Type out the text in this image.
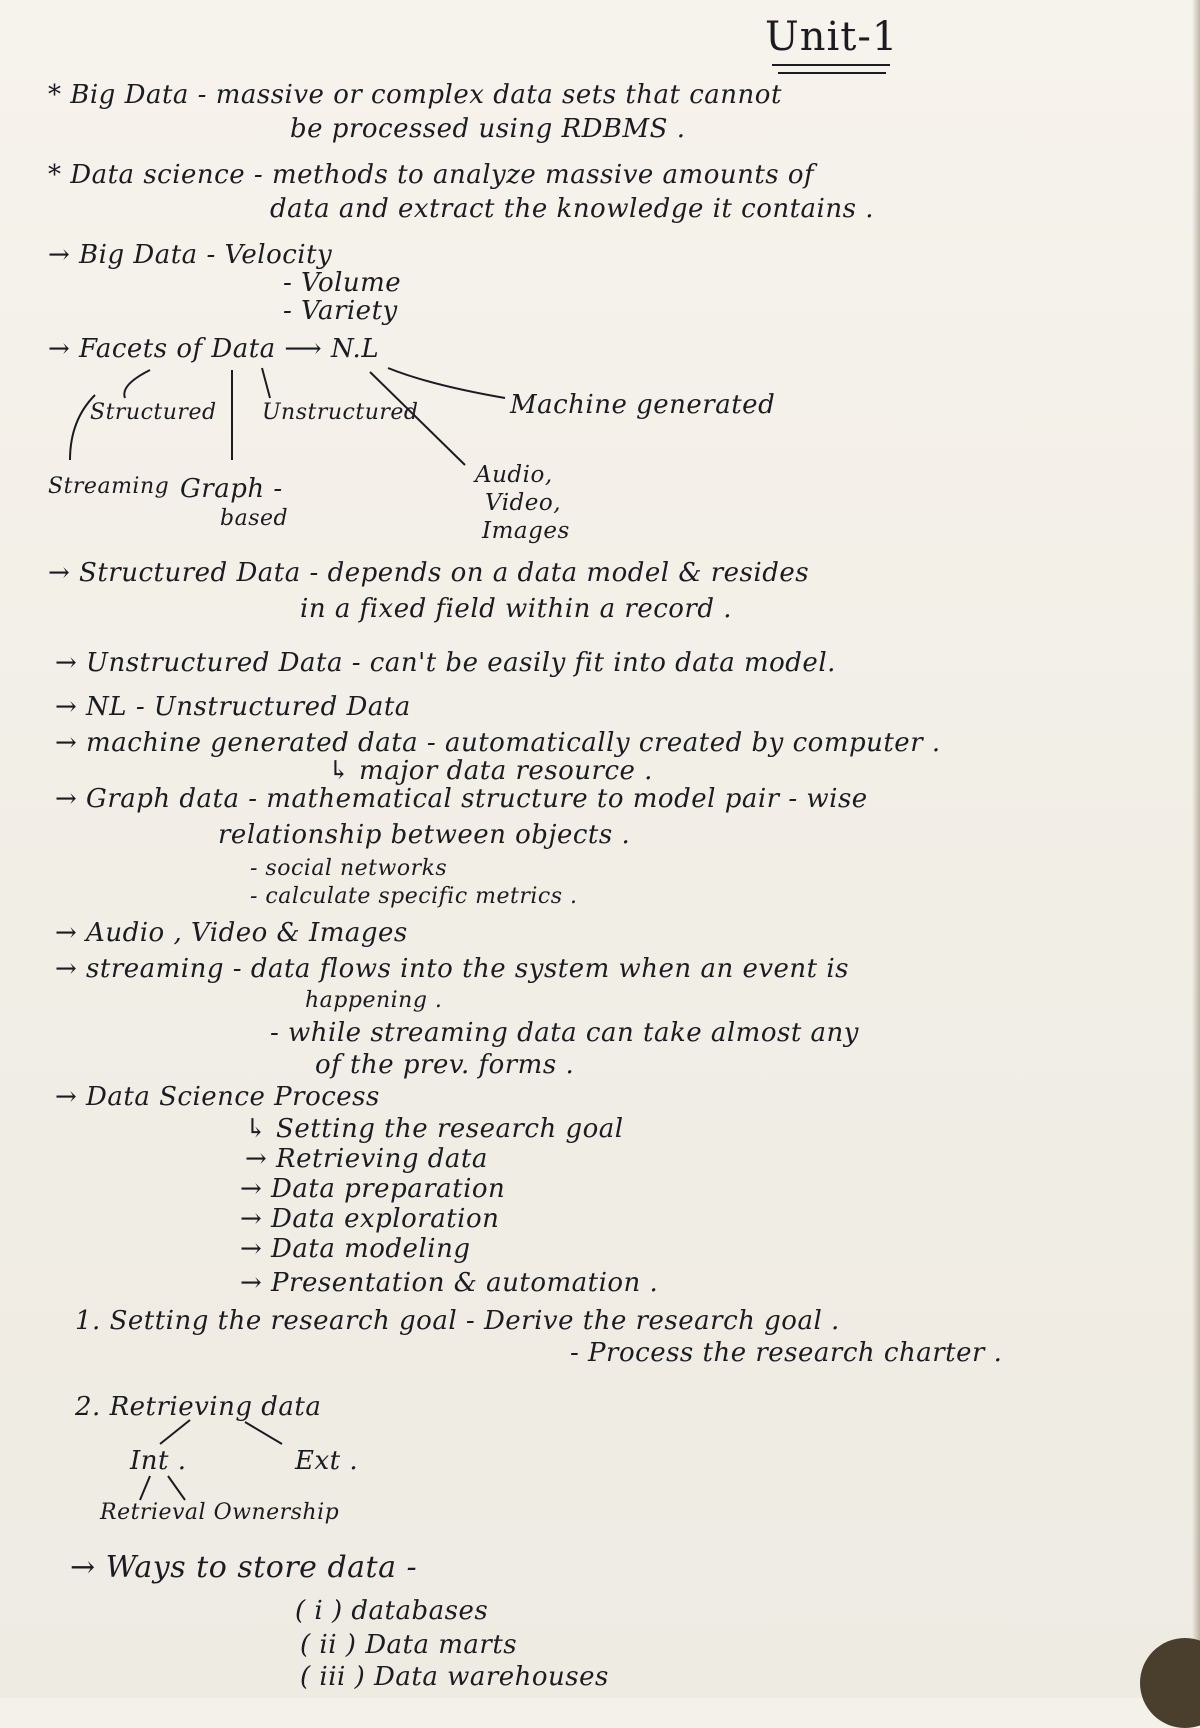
Unit-1
* Big Data - massive or complex data sets that cannot
be processed using RDBMS .
* Data science - methods to analyze massive amounts of
data and extract the knowledge it contains .
→ Big Data - Velocity
- Volume
- Variety
→ Facets of Data ⟶ N.L
Structured Unstructured	Machine generated
Streaming Graph -
based
Audio,
Video,
Images
→ Structured Data - depends on a data model & resides
in a fixed field within a record .
→ Unstructured Data - can't be easily fit into data model.
→ NL - Unstructured Data
→ machine generated data - automatically created by computer .
↳ major data resource .
→ Graph data - mathematical structure to model pair - wise
relationship between objects .
- social networks
- calculate specific metrics .
→ Audio , Video & Images
→ streaming - data flows into the system when an event is
happening .
- while streaming data can take almost any
of the prev. forms .
→ Data Science Process
↳ Setting the research goal
→ Retrieving data
→ Data preparation
→ Data exploration
→ Data modeling
→ Presentation & automation .
1. Setting the research goal - Derive the research goal .
- Process the research charter .
2. Retrieving data
Int .	Ext .
Retrieval Ownership
→ Ways to store data -
( i ) databases
( ii ) Data marts
( iii ) Data warehouses
